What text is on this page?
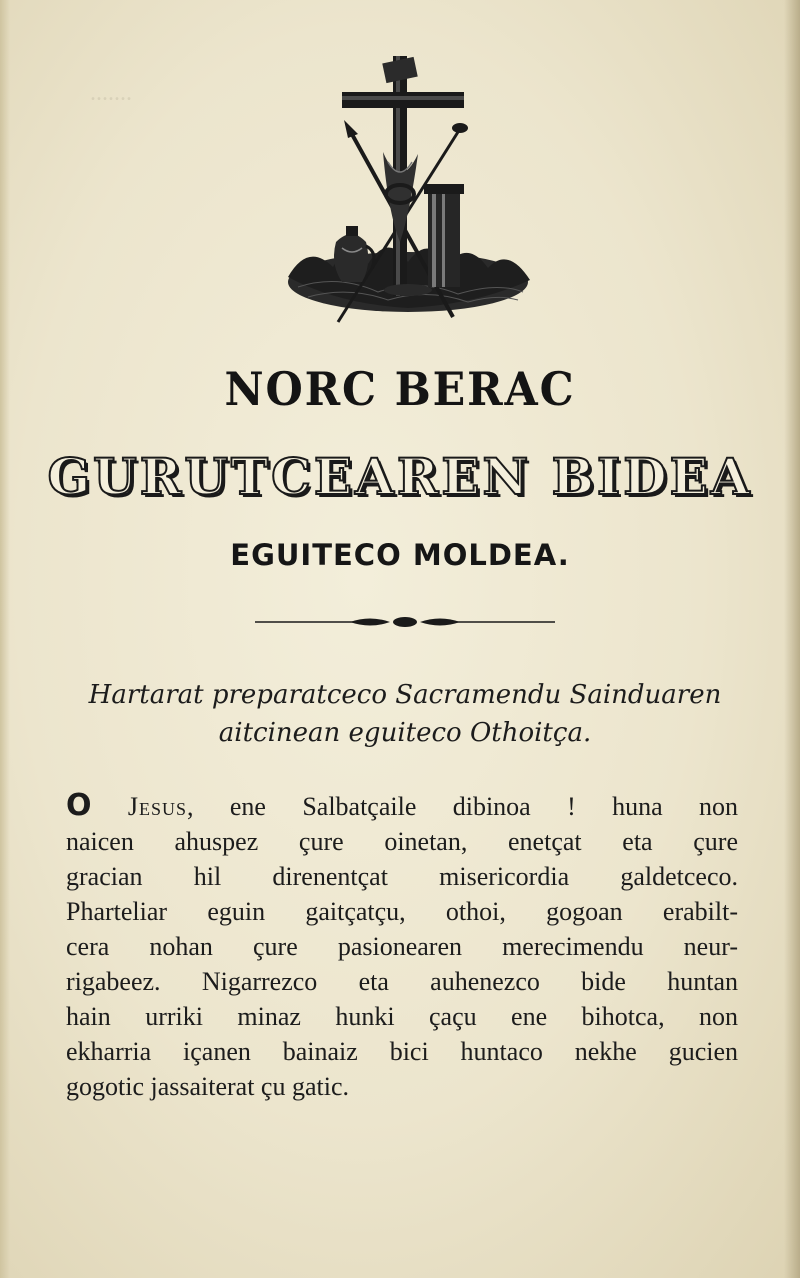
.......
NORC BERAC
GURUTCEAREN BIDEA
EGUITECO MOLDEA.
Hartarat preparatceco Sacramendu Sainduaren
aitcinean eguiteco Othoitça.
O Jesus, ene Salbatçaile dibinoa ! huna non
naicen ahuspez çure oinetan, enetçat eta çure
gracian hil direnentçat misericordia galdetceco.
Pharteliar eguin gaitçatçu, othoi, gogoan erabilt-
cera nohan çure pasionearen merecimendu neur-
rigabeez. Nigarrezco eta auhenezco bide huntan
hain urriki minaz hunki çaçu ene bihotca, non
ekharria içanen bainaiz bici huntaco nekhe gucien
gogotic jassaiterat çu gatic.
